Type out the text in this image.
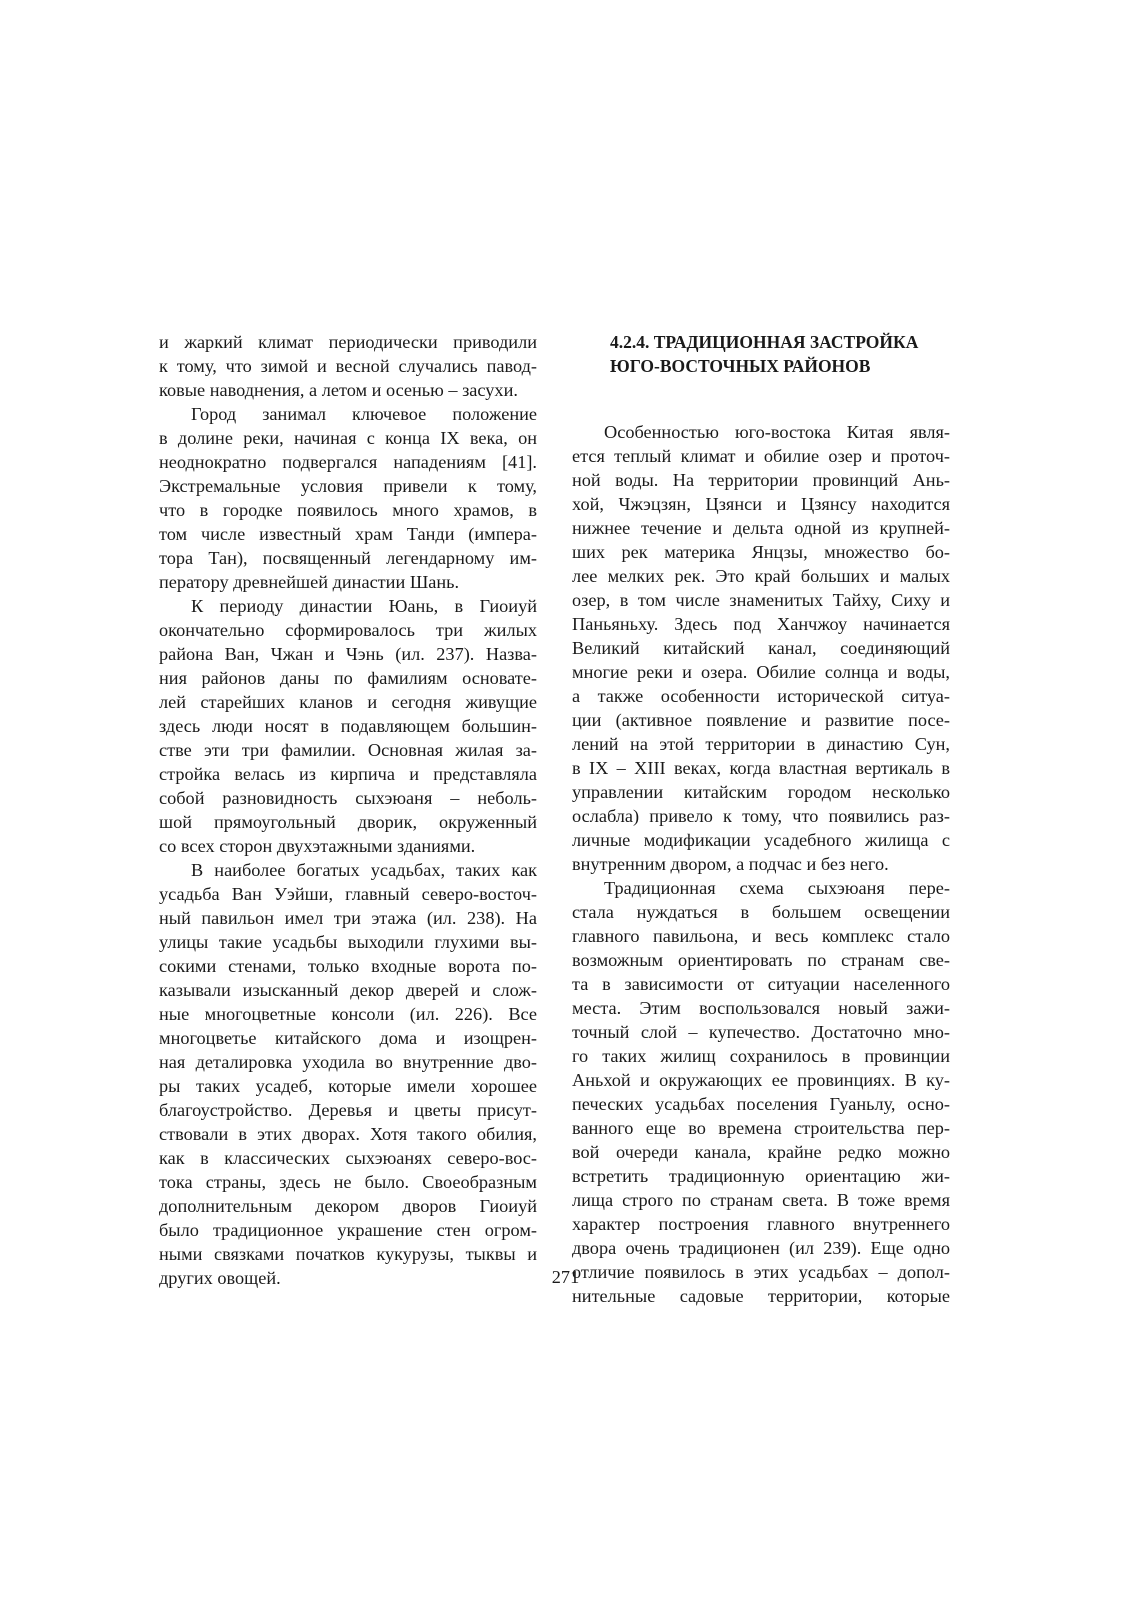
и жаркий климат периодически приводили
к тому, что зимой и весной случались павод-
ковые наводнения, а летом и осенью – засухи.
Город занимал ключевое положение
в долине реки, начиная с конца IX века, он
неоднократно подвергался нападениям [41].
Экстремальные условия привели к тому,
что в городке появилось много храмов, в
том числе известный храм Танди (импера-
тора Тан), посвященный легендарному им-
ператору древнейшей династии Шань.
К периоду династии Юань, в Гиоиуй
окончательно сформировалось три жилых
района Ван, Чжан и Чэнь (ил. 237). Назва-
ния районов даны по фамилиям основате-
лей старейших кланов и сегодня живущие
здесь люди носят в подавляющем большин-
стве эти три фамилии. Основная жилая за-
стройка велась из кирпича и представляла
собой разновидность сыхэюаня – неболь-
шой прямоугольный дворик, окруженный
со всех сторон двухэтажными зданиями.
В наиболее богатых усадьбах, таких как
усадьба Ван Уэйши, главный северо-восточ-
ный павильон имел три этажа (ил. 238). На
улицы такие усадьбы выходили глухими вы-
сокими стенами, только входные ворота по-
казывали изысканный декор дверей и слож-
ные многоцветные консоли (ил. 226). Все
многоцветье китайского дома и изощрен-
ная деталировка уходила во внутренние дво-
ры таких усадеб, которые имели хорошее
благоустройство. Деревья и цветы присут-
ствовали в этих дворах. Хотя такого обилия,
как в классических сыхэюанях северо-вос-
тока страны, здесь не было. Своеобразным
дополнительным декором дворов Гиоиуй
было традиционное украшение стен огром-
ными связками початков кукурузы, тыквы и
других овощей.
4.2.4. ТРАДИЦИОННАЯ ЗАСТРОЙКА
ЮГО-ВОСТОЧНЫХ РАЙОНОВ
Особенностью юго-востока Китая явля-
ется теплый климат и обилие озер и проточ-
ной воды. На территории провинций Ань-
хой, Чжэцзян, Цзянси и Цзянсу находится
нижнее течение и дельта одной из крупней-
ших рек материка Янцзы, множество бо-
лее мелких рек. Это край больших и малых
озер, в том числе знаменитых Тайху, Сиху и
Паньяньху. Здесь под Ханчжоу начинается
Великий китайский канал, соединяющий
многие реки и озера. Обилие солнца и воды,
а также особенности исторической ситуа-
ции (активное появление и развитие посе-
лений на этой территории в династию Сун,
в IX – XIII веках, когда властная вертикаль в
управлении китайским городом несколько
ослабла) привело к тому, что появились раз-
личные модификации усадебного жилища с
внутренним двором, а подчас и без него.
Традиционная схема сыхэюаня пере-
стала нуждаться в большем освещении
главного павильона, и весь комплекс стало
возможным ориентировать по странам све-
та в зависимости от ситуации населенного
места. Этим воспользовался новый зажи-
точный слой – купечество. Достаточно мно-
го таких жилищ сохранилось в провинции
Аньхой и окружающих ее провинциях. В ку-
печеских усадьбах поселения Гуаньлу, осно-
ванного еще во времена строительства пер-
вой очереди канала, крайне редко можно
встретить традиционную ориентацию жи-
лища строго по странам света. В тоже время
характер построения главного внутреннего
двора очень традиционен (ил 239). Еще одно
отличие появилось в этих усадьбах – допол-
нительные садовые территории, которые
271
